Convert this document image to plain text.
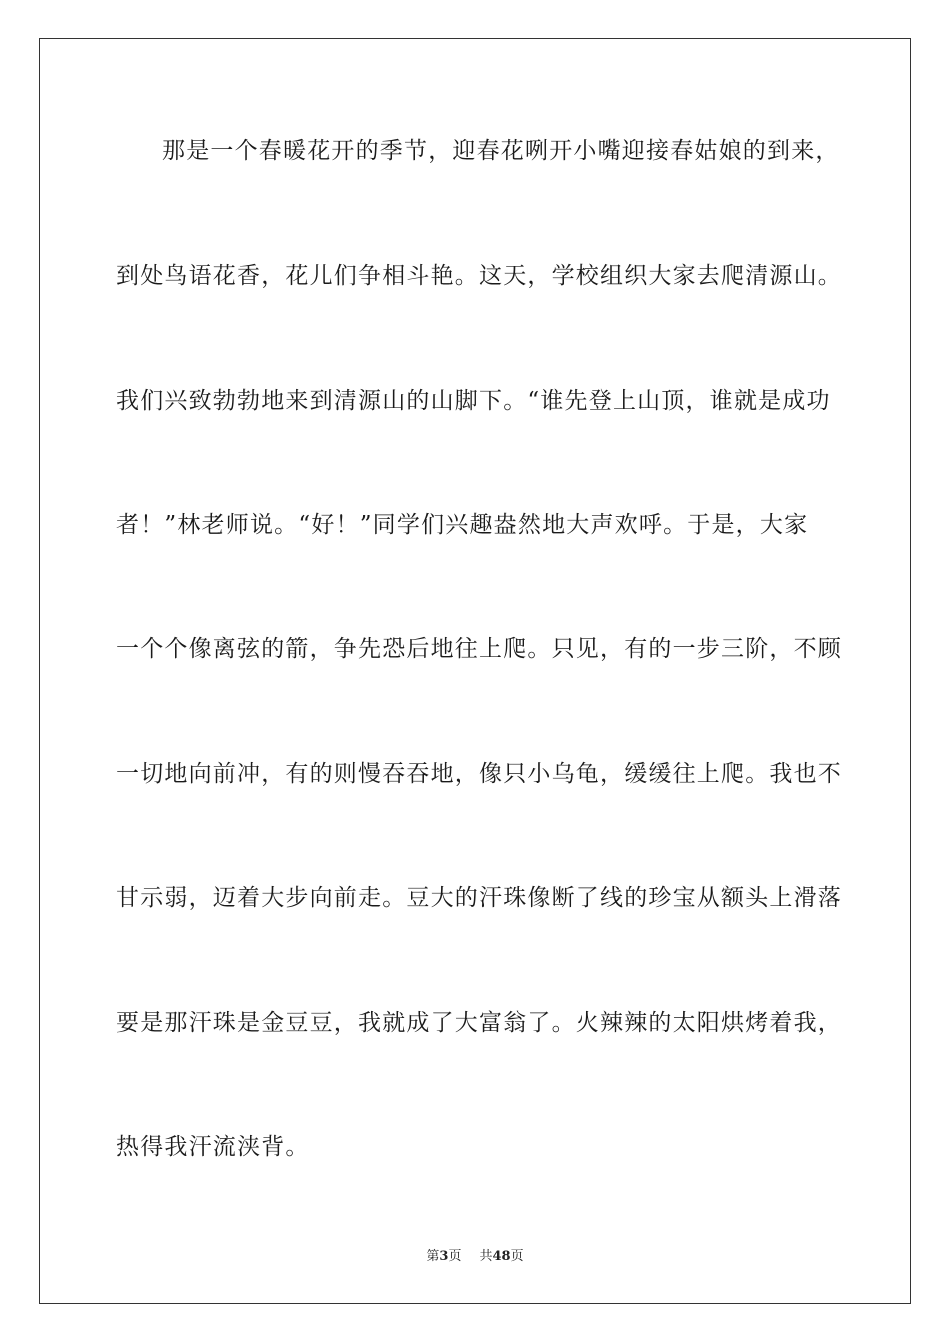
那是一个春暖花开的季节，迎春花咧开小嘴迎接春姑娘的到来，
到处鸟语花香，花儿们争相斗艳。这天，学校组织大家去爬清源山。
我们兴致勃勃地来到清源山的山脚下。“谁先登上山顶，谁就是成功
者！”林老师说。“好！”同学们兴趣盎然地大声欢呼。于是，大家
一个个像离弦的箭，争先恐后地往上爬。只见，有的一步三阶，不顾
一切地向前冲，有的则慢吞吞地，像只小乌龟，缓缓往上爬。我也不
甘示弱，迈着大步向前走。豆大的汗珠像断了线的珍宝从额头上滑落
要是那汗珠是金豆豆，我就成了大富翁了。火辣辣的太阳烘烤着我，
热得我汗流浃背。
第3页 共48页
